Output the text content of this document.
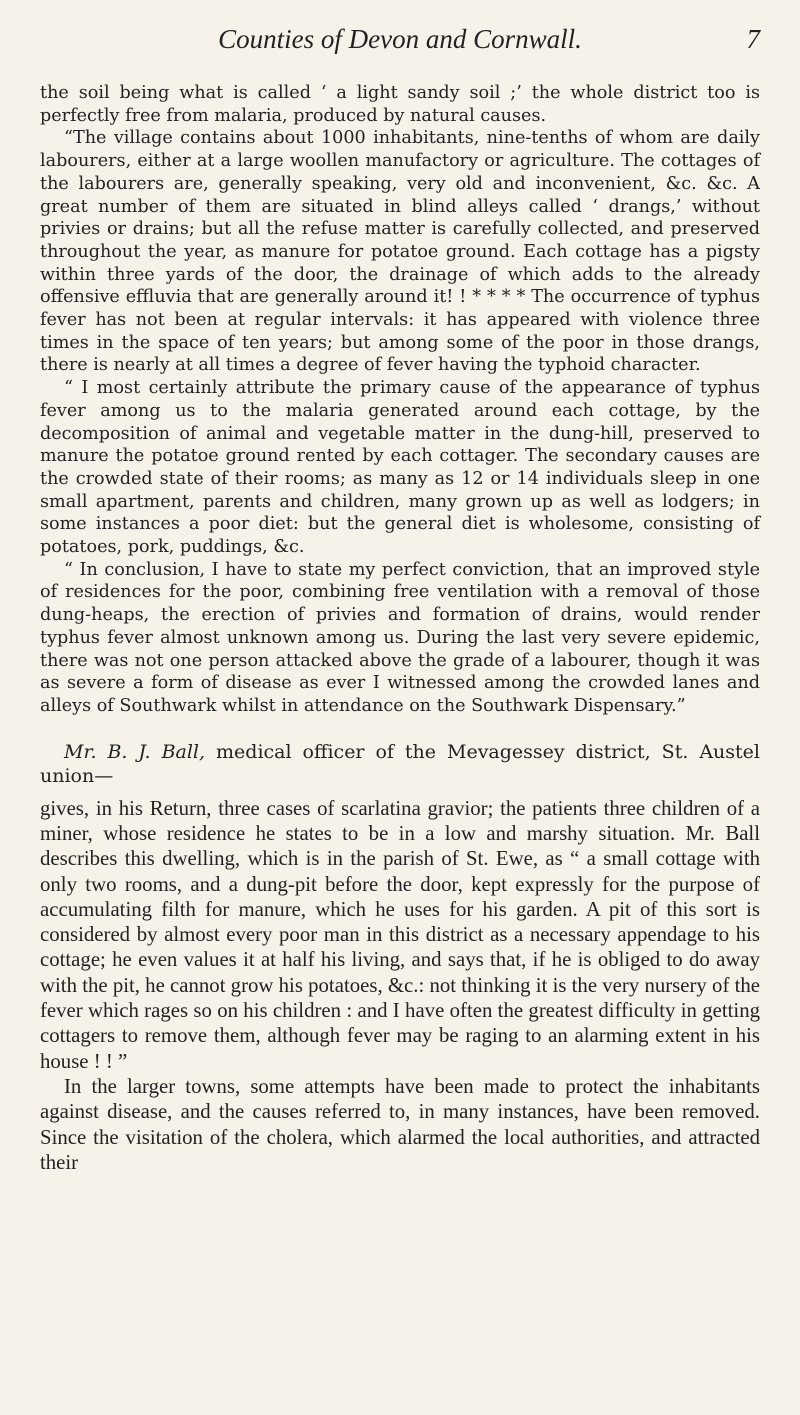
Counties of Devon and Cornwall.	7

the soil being what is called ‘ a light sandy soil ;’ the whole district too is perfectly free from malaria, produced by natural causes.

“The village contains about 1000 inhabitants, nine-tenths of whom are daily labourers, either at a large woollen manufactory or agriculture. The cottages of the labourers are, generally speaking, very old and inconvenient, &c. &c. A great number of them are situated in blind alleys called ‘ drangs,’ without privies or drains; but all the refuse matter is carefully collected, and preserved throughout the year, as manure for potatoe ground. Each cottage has a pigsty within three yards of the door, the drainage of which adds to the already offensive effluvia that are generally around it! ! * * * * The occurrence of typhus fever has not been at regular intervals: it has appeared with violence three times in the space of ten years; but among some of the poor in those drangs, there is nearly at all times a degree of fever having the typhoid character.

“ I most certainly attribute the primary cause of the appearance of typhus fever among us to the malaria generated around each cottage, by the decomposition of animal and vegetable matter in the dung-hill, preserved to manure the potatoe ground rented by each cottager. The secondary causes are the crowded state of their rooms; as many as 12 or 14 individuals sleep in one small apartment, parents and children, many grown up as well as lodgers; in some instances a poor diet: but the general diet is wholesome, consisting of potatoes, pork, puddings, &c.

“ In conclusion, I have to state my perfect conviction, that an improved style of residences for the poor, combining free ventilation with a removal of those dung-heaps, the erection of privies and formation of drains, would render typhus fever almost unknown among us. During the last very severe epidemic, there was not one person attacked above the grade of a labourer, though it was as severe a form of disease as ever I witnessed among the crowded lanes and alleys of Southwark whilst in attendance on the Southwark Dispensary.”

Mr. B. J. Ball, medical officer of the Mevagessey district, St. Austel union—

gives, in his Return, three cases of scarlatina gravior; the patients three children of a miner, whose residence he states to be in a low and marshy situation. Mr. Ball describes this dwelling, which is in the parish of St. Ewe, as “ a small cottage with only two rooms, and a dung-pit before the door, kept expressly for the purpose of accumulating filth for manure, which he uses for his garden. A pit of this sort is considered by almost every poor man in this district as a necessary appendage to his cottage; he even values it at half his living, and says that, if he is obliged to do away with the pit, he cannot grow his potatoes, &c.: not thinking it is the very nursery of the fever which rages so on his children : and I have often the greatest difficulty in getting cottagers to remove them, although fever may be raging to an alarming extent in his house ! ! ”

In the larger towns, some attempts have been made to protect the inhabitants against disease, and the causes referred to, in many instances, have been removed. Since the visitation of the cholera, which alarmed the local authorities, and attracted their
